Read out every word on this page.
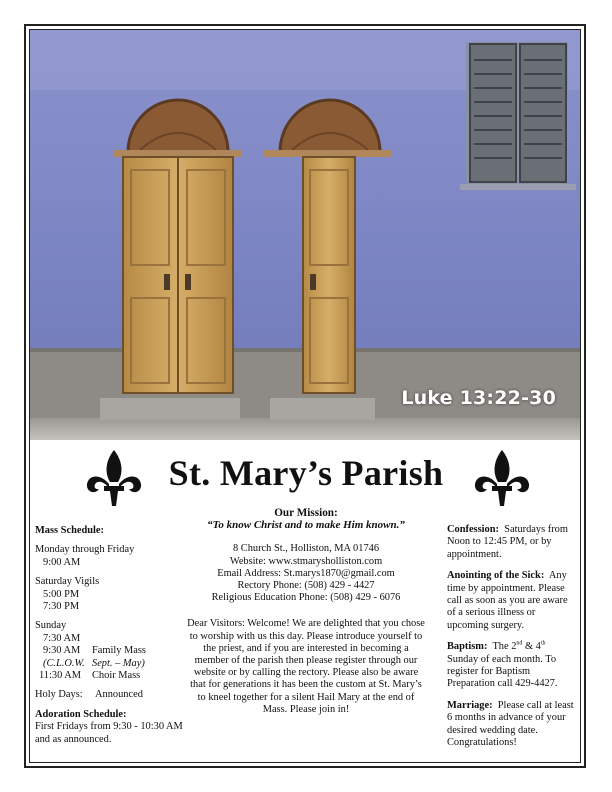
Luke 13:22-30
St. Mary’s Parish
Mass Schedule:
Monday through Friday
9:00 AM
Saturday Vigils
5:00 PM
7:30 PM
Sunday
7:30 AM
9:30 AM Family Mass
(C.L.O.W. Sept. – May)
11:30 AM Choir Mass
Holy Days: Announced
Adoration Schedule:
First Fridays from 9:30 - 10:30 AM and as announced.
Our Mission:
“To know Christ and to make Him known.”
8 Church St., Holliston, MA 01746
Website: www.stmarysholliston.com
Email Address: St.marys1870@gmail.com
Rectory Phone: (508) 429 - 4427
Religious Education Phone: (508) 429 - 6076
Dear Visitors: Welcome! We are delighted that you chose to worship with us this day. Please introduce yourself to the priest, and if you are interested in becoming a member of the parish then please register through our website or by calling the rectory. Please also be aware that for generations it has been the custom at St. Mary’s to kneel together for a silent Hail Mary at the end of Mass. Please join in!
Confession: Saturdays from Noon to 12:45 PM, or by appointment.
Anointing of the Sick: Any time by appointment. Please call as soon as you are aware of a serious illness or upcoming surgery.
Baptism: The 2nd & 4th Sunday of each month. To register for Baptism Preparation call 429-4427.
Marriage: Please call at least 6 months in advance of your desired wedding date. Congratulations!
